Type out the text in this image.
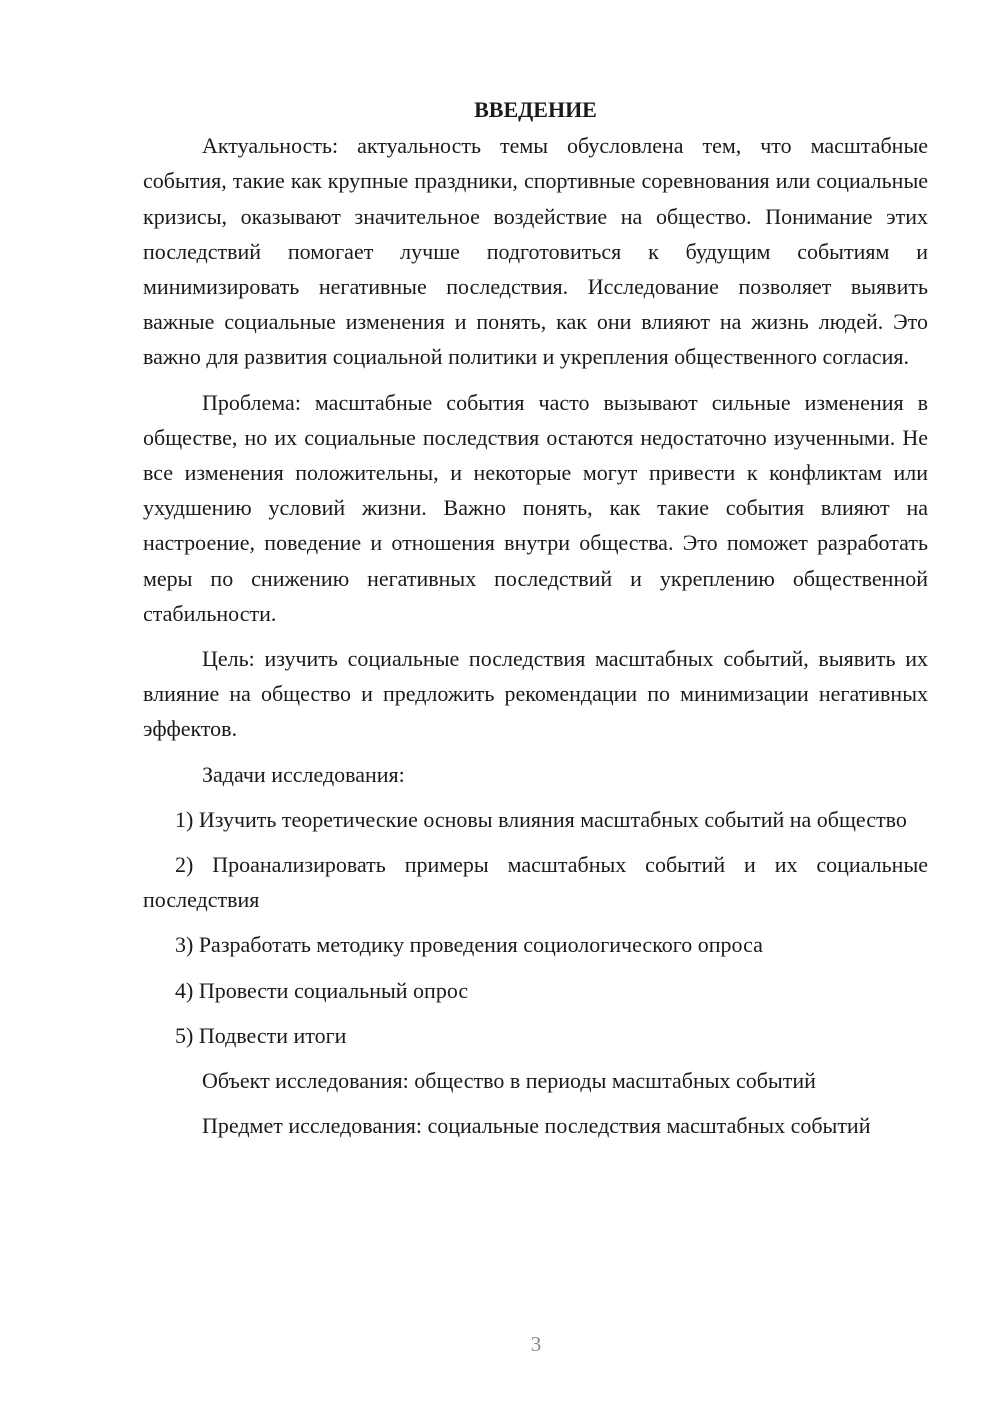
ВВЕДЕНИЕ

Актуальность: актуальность темы обусловлена тем, что масштабные события, такие как крупные праздники, спортивные соревнования или социальные кризисы, оказывают значительное воздействие на общество. Понимание этих последствий помогает лучше подготовиться к будущим событиям и минимизировать негативные последствия. Исследование позволяет выявить важные социальные изменения и понять, как они влияют на жизнь людей. Это важно для развития социальной политики и укрепления общественного согласия.

Проблема: масштабные события часто вызывают сильные изменения в обществе, но их социальные последствия остаются недостаточно изученными. Не все изменения положительны, и некоторые могут привести к конфликтам или ухудшению условий жизни. Важно понять, как такие события влияют на настроение, поведение и отношения внутри общества. Это поможет разработать меры по снижению негативных последствий и укреплению общественной стабильности.

Цель: изучить социальные последствия масштабных событий, выявить их влияние на общество и предложить рекомендации по минимизации негативных эффектов.

Задачи исследования:

1) Изучить теоретические основы влияния масштабных событий на общество

2) Проанализировать примеры масштабных событий и их социальные последствия

3) Разработать методику проведения социологического опроса

4) Провести социальный опрос

5) Подвести итоги

Объект исследования: общество в периоды масштабных событий

Предмет исследования: социальные последствия масштабных событий

3
